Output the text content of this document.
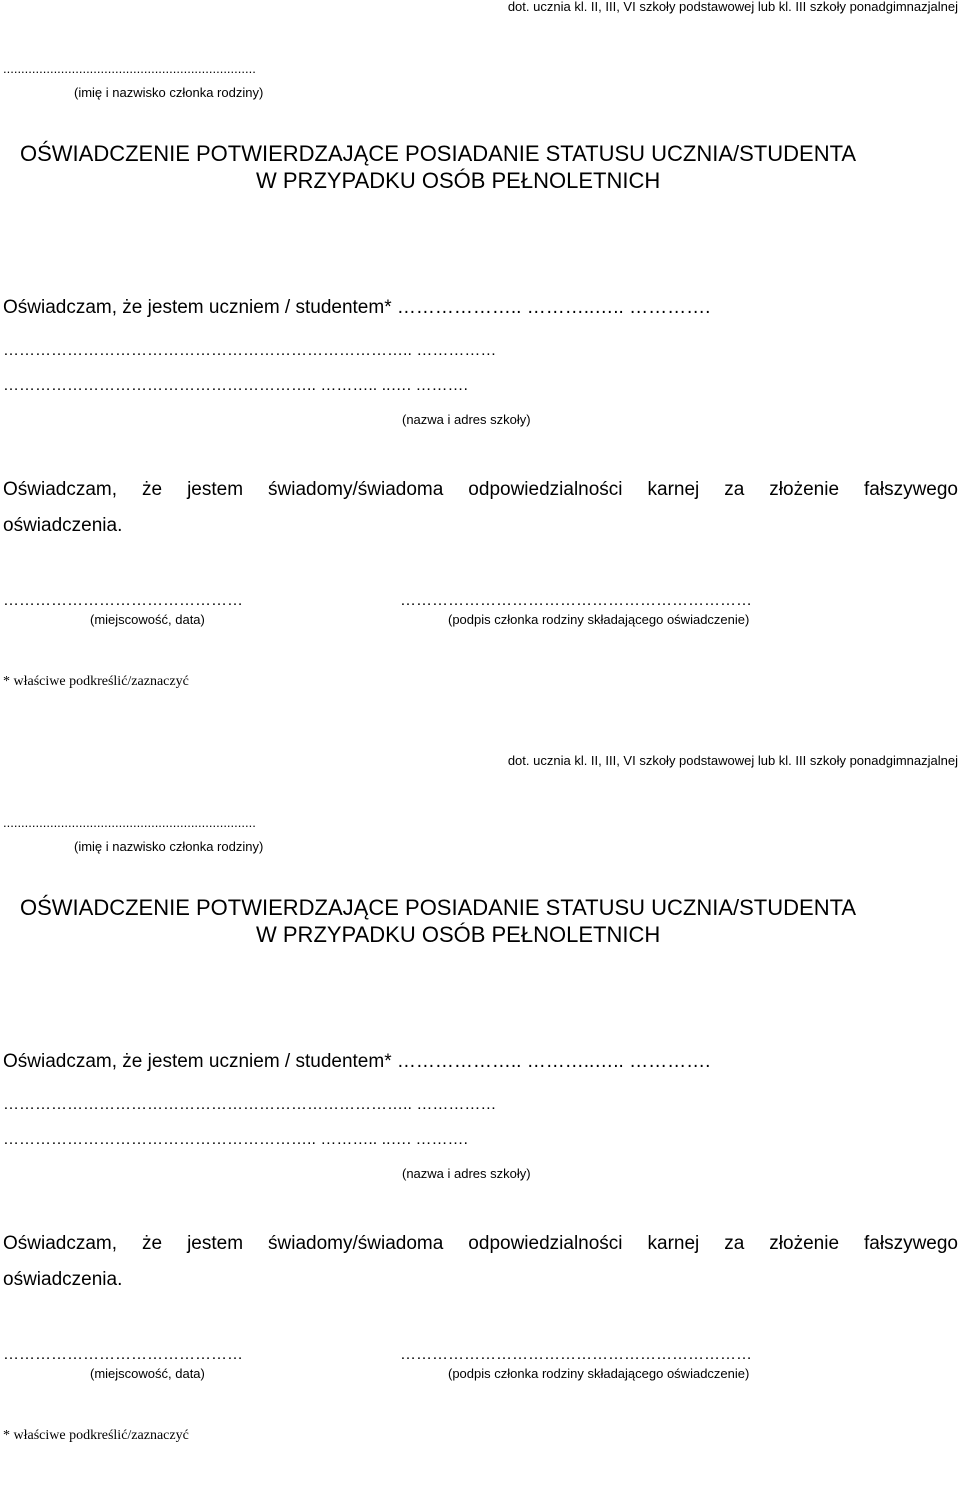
dot. ucznia kl. II, III, VI szkoły podstawowej lub kl. III szkoły ponadgimnazjalnej

......................................................................

(imię i nazwisko członka rodziny)

OŚWIADCZENIE POTWIERDZAJĄCE POSIADANIE STATUSU UCZNIA/STUDENTA

W PRZYPADKU OSÓB PEŁNOLETNICH

Oświadczam, że jestem uczniem / studentem* ……………….. ………..….. ………….

………………………………………………………………….. ……………

………………………………………………….. ……….. ..…. ……….

(nazwa i adres szkoły)

Oświadczam, że jestem świadomy/świadoma odpowiedzialności karnej za złożenie fałszywego

oświadczenia.

………………………………………	…………………………………………………………

(miejscowość, data)	(podpis członka rodziny składającego oświadczenie)

* właściwe podkreślić/zaznaczyć

dot. ucznia kl. II, III, VI szkoły podstawowej lub kl. III szkoły ponadgimnazjalnej

......................................................................

(imię i nazwisko członka rodziny)

OŚWIADCZENIE POTWIERDZAJĄCE POSIADANIE STATUSU UCZNIA/STUDENTA

W PRZYPADKU OSÓB PEŁNOLETNICH

Oświadczam, że jestem uczniem / studentem* ……………….. ………..….. ………….

………………………………………………………………….. ……………

………………………………………………….. ……….. ..…. ……….

(nazwa i adres szkoły)

Oświadczam, że jestem świadomy/świadoma odpowiedzialności karnej za złożenie fałszywego

oświadczenia.

………………………………………	…………………………………………………………

(miejscowość, data)	(podpis członka rodziny składającego oświadczenie)

* właściwe podkreślić/zaznaczyć
